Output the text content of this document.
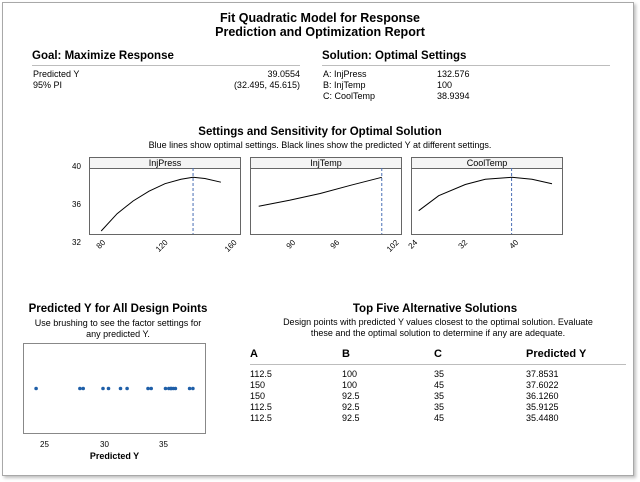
Fit Quadratic Model for Response
Prediction and Optimization Report
Goal: Maximize Response
Predicted Y	39.0554
95% PI	(32.495, 45.615)
Solution: Optimal Settings
A: InjPress	132.576
B: InjTemp	100
C: CoolTemp	38.9394
Settings and Sensitivity for Optimal Solution
Blue lines show optimal settings. Black lines show the predicted Y at different settings.
40
36
32
InjPress	InjTemp	CoolTemp
80	120	160	90	96	102 24	32	40
Predicted Y for All Design Points
Use brushing to see the factor settings for any predicted Y.
25	30	35
Predicted Y
Top Five Alternative Solutions
Design points with predicted Y values closest to the optimal solution. Evaluate these and the optimal solution to determine if any are adequate.
A	B	C	Predicted Y

112.5	100	35	37.8531
150	100	45	37.6022
150	92.5	35	36.1260
112.5	92.5	35	35.9125
112.5	92.5	45	35.4480
